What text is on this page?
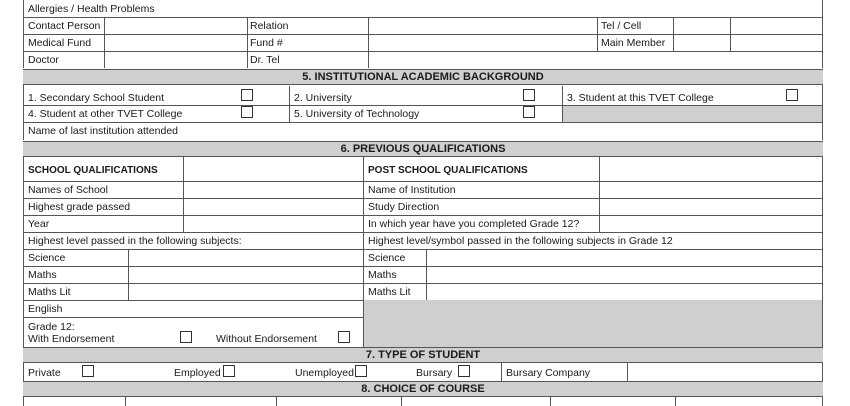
Allergies / Health Problems
Contact Person	Relation	Tel / Cell
Medical Fund	Fund #	Main Member
Doctor	Dr. Tel
5. INSTITUTIONAL ACADEMIC BACKGROUND
1. Secondary School Student	2. University	3. Student at this TVET College
4. Student at other TVET College	5. University of Technology
Name of last institution attended
6. PREVIOUS QUALIFICATIONS
SCHOOL QUALIFICATIONS	POST SCHOOL QUALIFICATIONS
Names of School	Name of Institution
Highest grade passed	Study Direction
Year	In which year have you completed Grade 12?
Highest level passed in the following subjects:	Highest level/symbol passed in the following subjects in Grade 12
Science	Science
Maths	Maths
Maths Lit	Maths Lit
English
Grade 12:
With Endorsement	Without Endorsement
7. TYPE OF STUDENT
Private	Employed	Unemployed	Bursary	Bursary Company
8. CHOICE OF COURSE
